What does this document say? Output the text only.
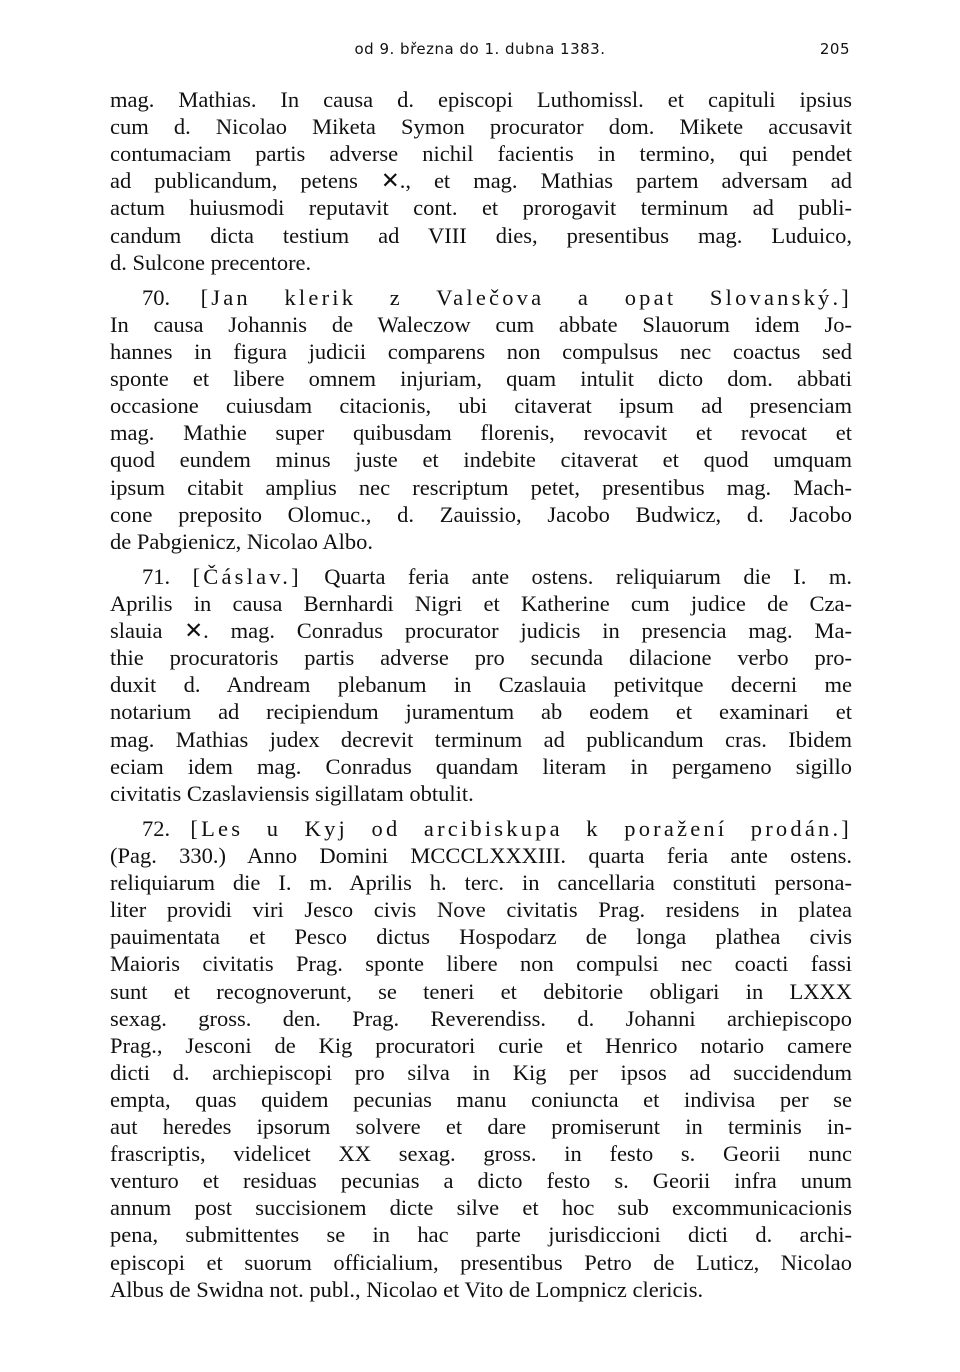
od 9. března do 1. dubna 1383.	205
mag. Mathias. In causa d. episcopi Luthomissl. et capituli ipsius
cum d. Nicolao Miketa Symon procurator dom. Mikete accusavit
contumaciam partis adverse nichil facientis in termino, qui pendet
ad publicandum, petens ✕., et mag. Mathias partem adversam ad
actum huiusmodi reputavit cont. et prorogavit terminum ad publi-
candum dicta testium ad VIII dies, presentibus mag. Luduico,
d. Sulcone precentore.
70. [Jan klerik z Valečova a opat Slovanský.]
In causa Johannis de Waleczow cum abbate Slauorum idem Jo-
hannes in figura judicii comparens non compulsus nec coactus sed
sponte et libere omnem injuriam, quam intulit dicto dom. abbati
occasione cuiusdam citacionis, ubi citaverat ipsum ad presenciam
mag. Mathie super quibusdam florenis, revocavit et revocat et
quod eundem minus juste et indebite citaverat et quod umquam
ipsum citabit amplius nec rescriptum petet, presentibus mag. Mach-
cone preposito Olomuc., d. Zauissio, Jacobo Budwicz, d. Jacobo
de Pabgienicz, Nicolao Albo.
71. [Čáslav.] Quarta feria ante ostens. reliquiarum die I. m.
Aprilis in causa Bernhardi Nigri et Katherine cum judice de Cza-
slauia ✕. mag. Conradus procurator judicis in presencia mag. Ma-
thie procuratoris partis adverse pro secunda dilacione verbo pro-
duxit d. Andream plebanum in Czaslauia petivitque decerni me
notarium ad recipiendum juramentum ab eodem et examinari et
mag. Mathias judex decrevit terminum ad publicandum cras. Ibidem
eciam idem mag. Conradus quandam literam in pergameno sigillo
civitatis Czaslaviensis sigillatam obtulit.
72. [Les u Kyj od arcibiskupa k poražení prodán.]
(Pag. 330.) Anno Domini MCCCLXXXIII. quarta feria ante ostens.
reliquiarum die I. m. Aprilis h. terc. in cancellaria constituti persona-
liter providi viri Jesco civis Nove civitatis Prag. residens in platea
pauimentata et Pesco dictus Hospodarz de longa plathea civis
Maioris civitatis Prag. sponte libere non compulsi nec coacti fassi
sunt et recognoverunt, se teneri et debitorie obligari in LXXX
sexag. gross. den. Prag. Reverendiss. d. Johanni archiepiscopo
Prag., Jesconi de Kig procuratori curie et Henrico notario camere
dicti d. archiepiscopi pro silva in Kig per ipsos ad succidendum
empta, quas quidem pecunias manu coniuncta et indivisa per se
aut heredes ipsorum solvere et dare promiserunt in terminis in-
frascriptis, videlicet XX sexag. gross. in festo s. Georii nunc
venturo et residuas pecunias a dicto festo s. Georii infra unum
annum post succisionem dicte silve et hoc sub excommunicacionis
pena, submittentes se in hac parte jurisdiccioni dicti d. archi-
episcopi et suorum officialium, presentibus Petro de Luticz, Nicolao
Albus de Swidna not. publ., Nicolao et Vito de Lompnicz clericis.
